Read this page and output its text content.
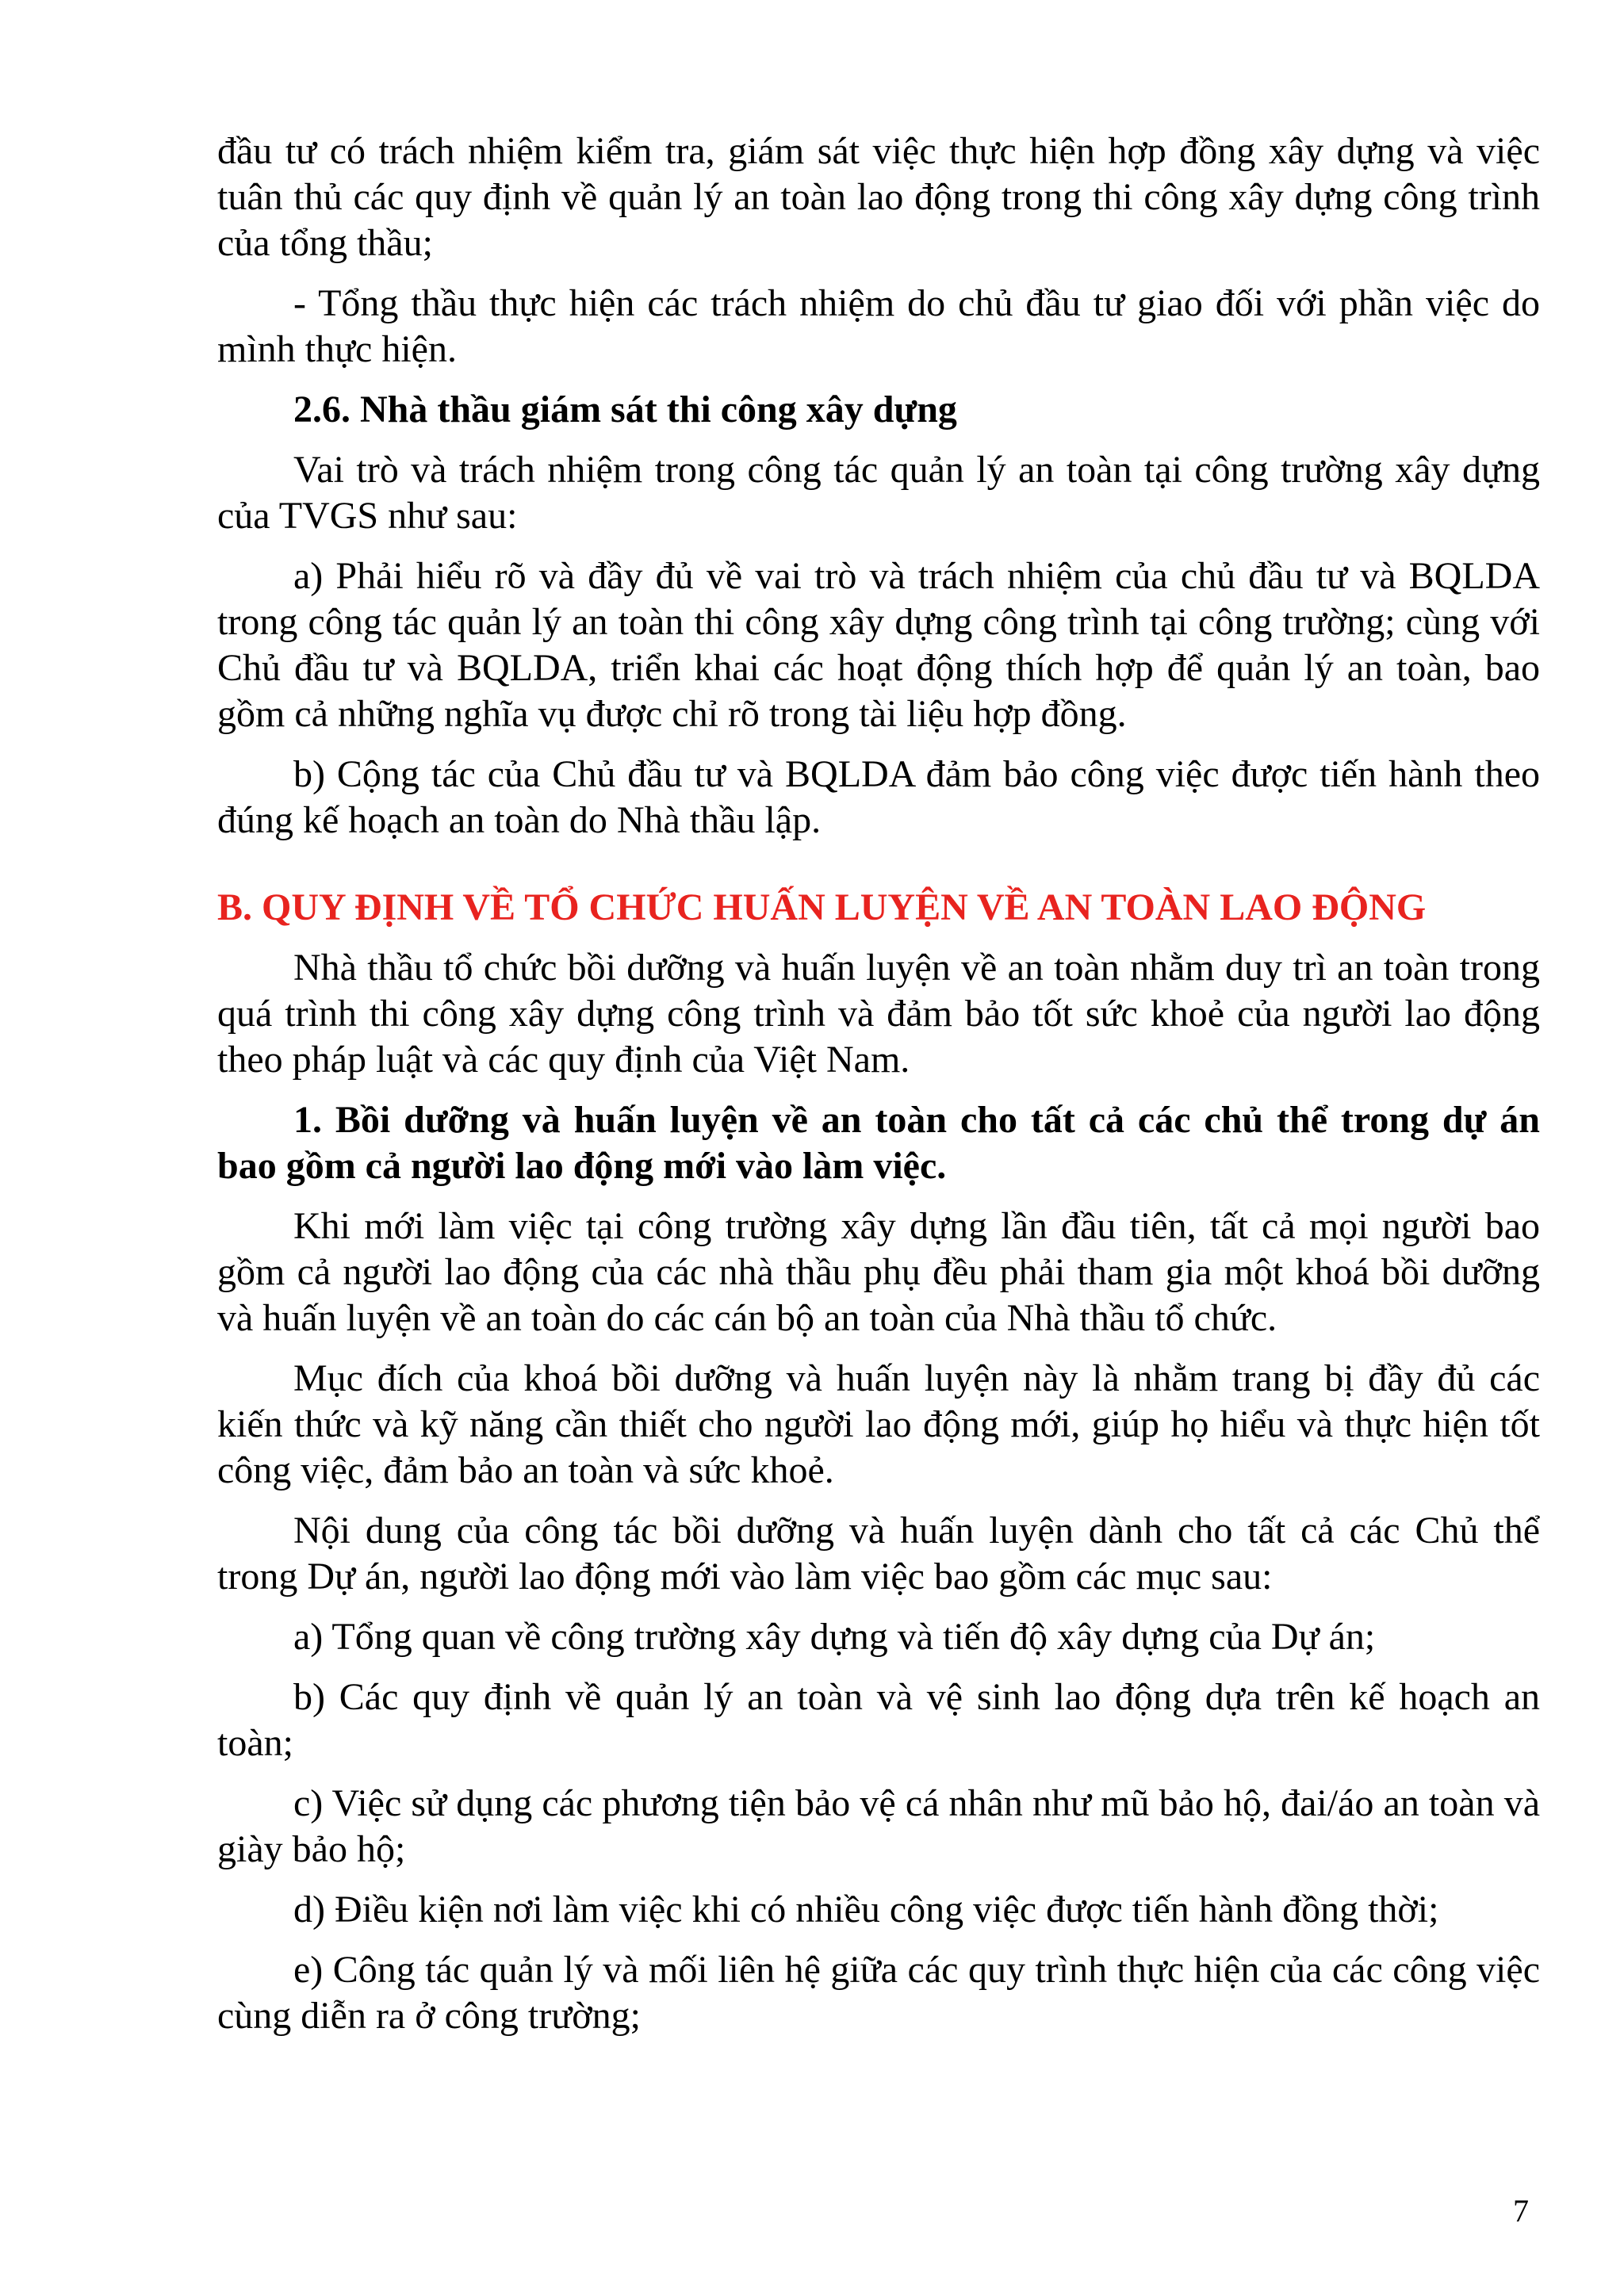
đầu tư có trách nhiệm kiểm tra, giám sát việc thực hiện hợp đồng xây dựng và việc tuân thủ các quy định về quản lý an toàn lao động trong thi công xây dựng công trình của tổng thầu;

- Tổng thầu thực hiện các trách nhiệm do chủ đầu tư giao đối với phần việc do mình thực hiện.

2.6. Nhà thầu giám sát thi công xây dựng

Vai trò và trách nhiệm trong công tác quản lý an toàn tại công trường xây dựng của TVGS như sau:

a) Phải hiểu rõ và đầy đủ về vai trò và trách nhiệm của chủ đầu tư và BQLDA trong công tác quản lý an toàn thi công xây dựng công trình tại công trường; cùng với Chủ đầu tư và BQLDA, triển khai các hoạt động thích hợp để quản lý an toàn, bao gồm cả những nghĩa vụ được chỉ rõ trong tài liệu hợp đồng.

b) Cộng tác của Chủ đầu tư và BQLDA đảm bảo công việc được tiến hành theo đúng kế hoạch an toàn do Nhà thầu lập.

B. QUY ĐỊNH VỀ TỔ CHỨC HUẤN LUYỆN VỀ AN TOÀN LAO ĐỘNG

Nhà thầu tổ chức bồi dưỡng và huấn luyện về an toàn nhằm duy trì an toàn trong quá trình thi công xây dựng công trình và đảm bảo tốt sức khoẻ của người lao động theo pháp luật và các quy định của Việt Nam.

1. Bồi dưỡng và huấn luyện về an toàn cho tất cả các chủ thể trong dự án bao gồm cả người lao động mới vào làm việc.

Khi mới làm việc tại công trường xây dựng lần đầu tiên, tất cả mọi người bao gồm cả người lao động của các nhà thầu phụ đều phải tham gia một khoá bồi dưỡng và huấn luyện về an toàn do các cán bộ an toàn của Nhà thầu tổ chức.

Mục đích của khoá bồi dưỡng và huấn luyện này là nhằm trang bị đầy đủ các kiến thức và kỹ năng cần thiết cho người lao động mới, giúp họ hiểu và thực hiện tốt công việc, đảm bảo an toàn và sức khoẻ.

Nội dung của công tác bồi dưỡng và huấn luyện dành cho tất cả các Chủ thể trong Dự án, người lao động mới vào làm việc bao gồm các mục sau:

a) Tổng quan về công trường xây dựng và tiến độ xây dựng của Dự án;

b) Các quy định về quản lý an toàn và vệ sinh lao động dựa trên kế hoạch an toàn;

c) Việc sử dụng các phương tiện bảo vệ cá nhân như mũ bảo hộ, đai/áo an toàn và giày bảo hộ;

d) Điều kiện nơi làm việc khi có nhiều công việc được tiến hành đồng thời;

e) Công tác quản lý và mối liên hệ giữa các quy trình thực hiện của các công việc cùng diễn ra ở công trường;

7
